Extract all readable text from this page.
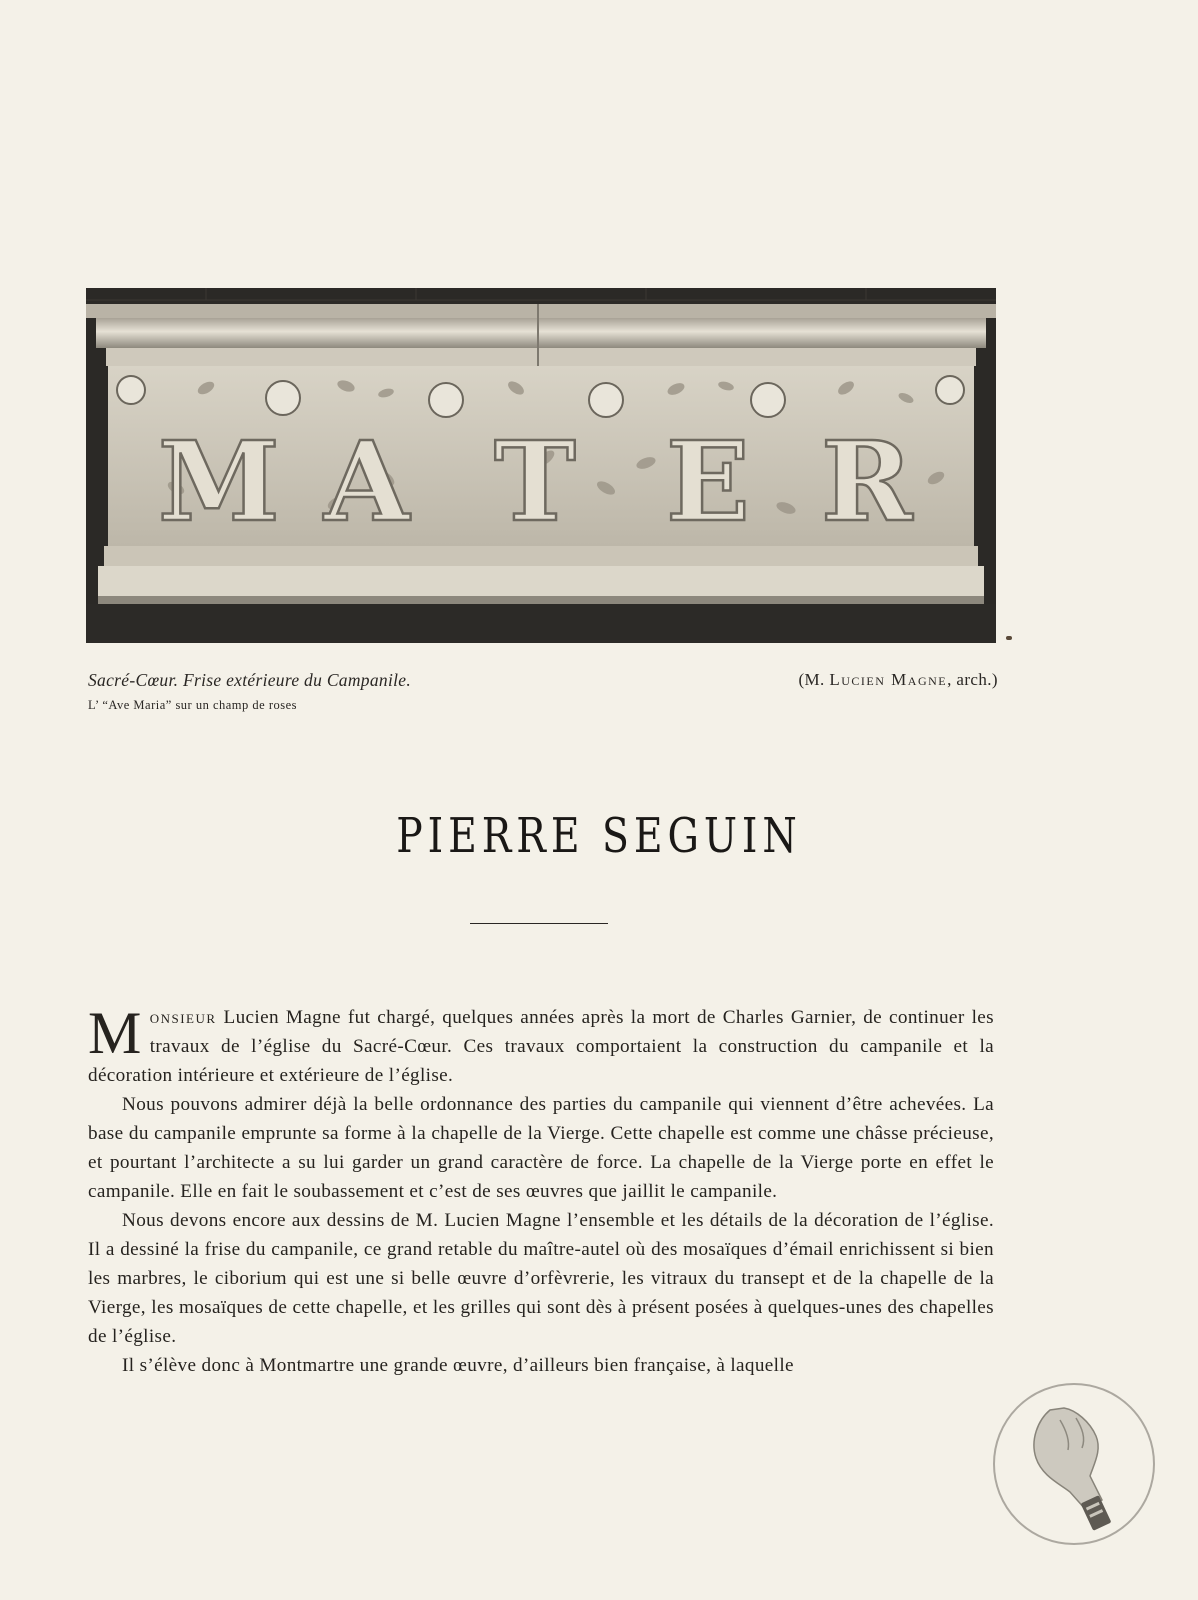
M A T E R
Sacré-Cœur. Frise extérieure du Campanile.
L’ “Ave Maria” sur un champ de roses
(M. Lucien Magne, arch.)
PIERRE SEGUIN

Monsieur Lucien Magne fut chargé, quelques années après la mort de Charles Garnier, de continuer les travaux de l’église du Sacré-Cœur. Ces travaux comportaient la construction du campanile et la décoration intérieure et extérieure de l’église.

Nous pouvons admirer déjà la belle ordonnance des parties du campanile qui viennent d’être achevées. La base du campanile emprunte sa forme à la chapelle de la Vierge. Cette chapelle est comme une châsse précieuse, et pourtant l’architecte a su lui garder un grand caractère de force. La chapelle de la Vierge porte en effet le campanile. Elle en fait le soubassement et c’est de ses œuvres que jaillit le campanile.

Nous devons encore aux dessins de M. Lucien Magne l’ensemble et les détails de la décoration de l’église. Il a dessiné la frise du campanile, ce grand retable du maître-autel où des mosaïques d’émail enrichissent si bien les marbres, le ciborium qui est une si belle œuvre d’orfèvrerie, les vitraux du transept et de la chapelle de la Vierge, les mosaïques de cette chapelle, et les grilles qui sont dès à présent posées à quelques-unes des chapelles de l’église.

Il s’élève donc à Montmartre une grande œuvre, d’ailleurs bien française, à laquelle
